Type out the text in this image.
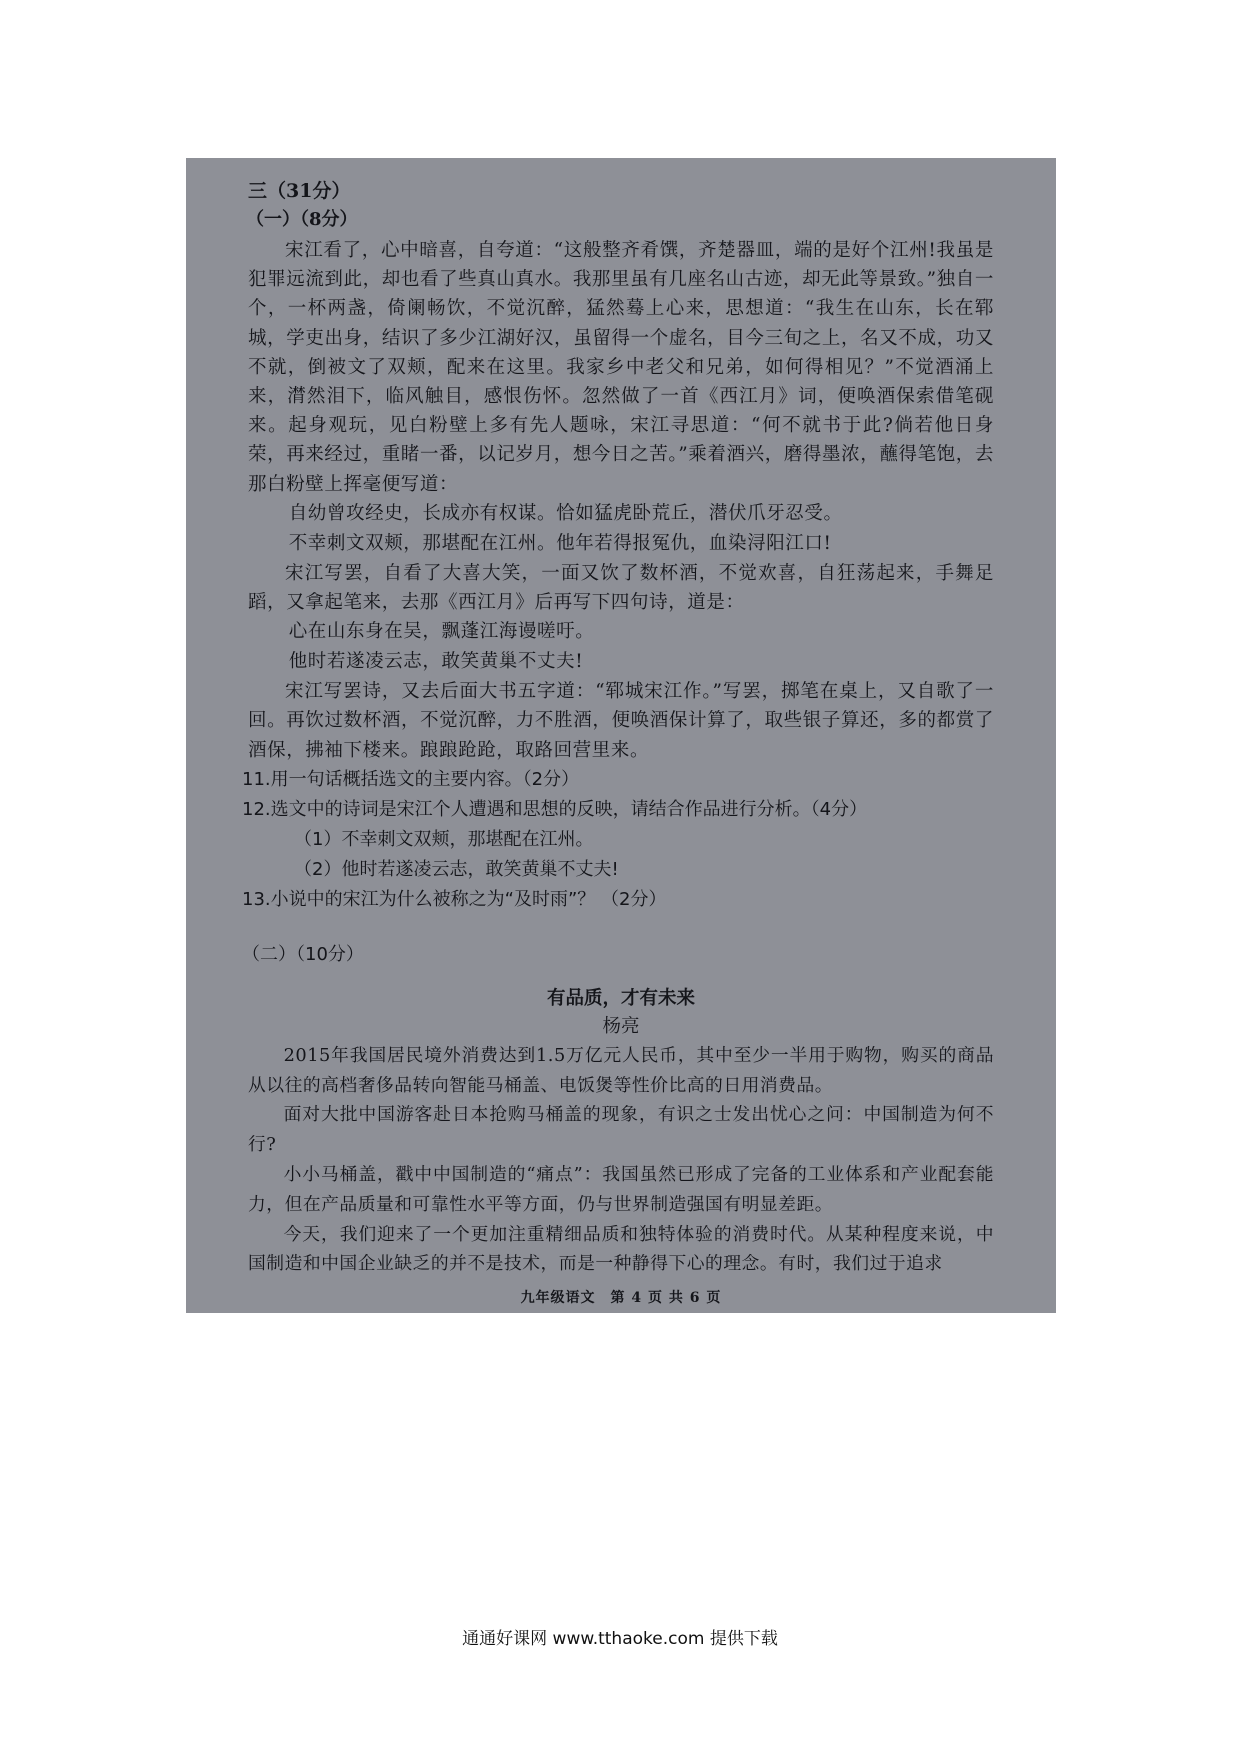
三（31分）

（一）（8分）

宋江看了，心中暗喜，自夸道：“这般整齐肴馔，齐楚器皿，端的是好个江州!我虽是犯罪远流到此，却也看了些真山真水。我那里虽有几座名山古迹，却无此等景致。”独自一个，一杯两盏，倚阑畅饮，不觉沉醉，猛然蓦上心来，思想道：“我生在山东，长在郓城，学吏出身，结识了多少江湖好汉，虽留得一个虚名，目今三旬之上，名又不成，功又不就，倒被文了双颊，配来在这里。我家乡中老父和兄弟，如何得相见？”不觉酒涌上来，潸然泪下，临风触目，感恨伤怀。忽然做了一首《西江月》词，便唤酒保索借笔砚来。起身观玩，见白粉壁上多有先人题咏，宋江寻思道：“何不就书于此?倘若他日身荣，再来经过，重睹一番，以记岁月，想今日之苦。”乘着酒兴，磨得墨浓，蘸得笔饱，去那白粉壁上挥毫便写道：

自幼曾攻经史，长成亦有权谋。恰如猛虎卧荒丘，潜伏爪牙忍受。

不幸刺文双颊，那堪配在江州。他年若得报冤仇，血染浔阳江口!

宋江写罢，自看了大喜大笑，一面又饮了数杯酒，不觉欢喜，自狂荡起来，手舞足蹈，又拿起笔来，去那《西江月》后再写下四句诗，道是：

心在山东身在吴，飘蓬江海谩嗟吁。

他时若遂凌云志，敢笑黄巢不丈夫!

宋江写罢诗，又去后面大书五字道：“郓城宋江作。”写罢，掷笔在桌上，又自歌了一回。再饮过数杯酒，不觉沉醉，力不胜酒，便唤酒保计算了，取些银子算还，多的都赏了酒保，拂袖下楼来。踉踉跄跄，取路回营里来。

11.用一句话概括选文的主要内容。（2分）

12.选文中的诗词是宋江个人遭遇和思想的反映，请结合作品进行分析。（4分）

（1）不幸刺文双颊，那堪配在江州。

（2）他时若遂凌云志，敢笑黄巢不丈夫!

13.小说中的宋江为什么被称之为“及时雨”？ （2分）

（二）（10分）

有品质，才有未来

杨亮

2015年我国居民境外消费达到1.5万亿元人民币，其中至少一半用于购物，购买的商品从以往的高档奢侈品转向智能马桶盖、电饭煲等性价比高的日用消费品。

面对大批中国游客赴日本抢购马桶盖的现象，有识之士发出忧心之问：中国制造为何不行?

小小马桶盖，戳中中国制造的“痛点”：我国虽然已形成了完备的工业体系和产业配套能力，但在产品质量和可靠性水平等方面，仍与世界制造强国有明显差距。

今天，我们迎来了一个更加注重精细品质和独特体验的消费时代。从某种程度来说，中国制造和中国企业缺乏的并不是技术，而是一种静得下心的理念。有时，我们过于追求

九年级语文　第 4 页 共 6 页
通通好课网 www.tthaoke.com 提供下载
